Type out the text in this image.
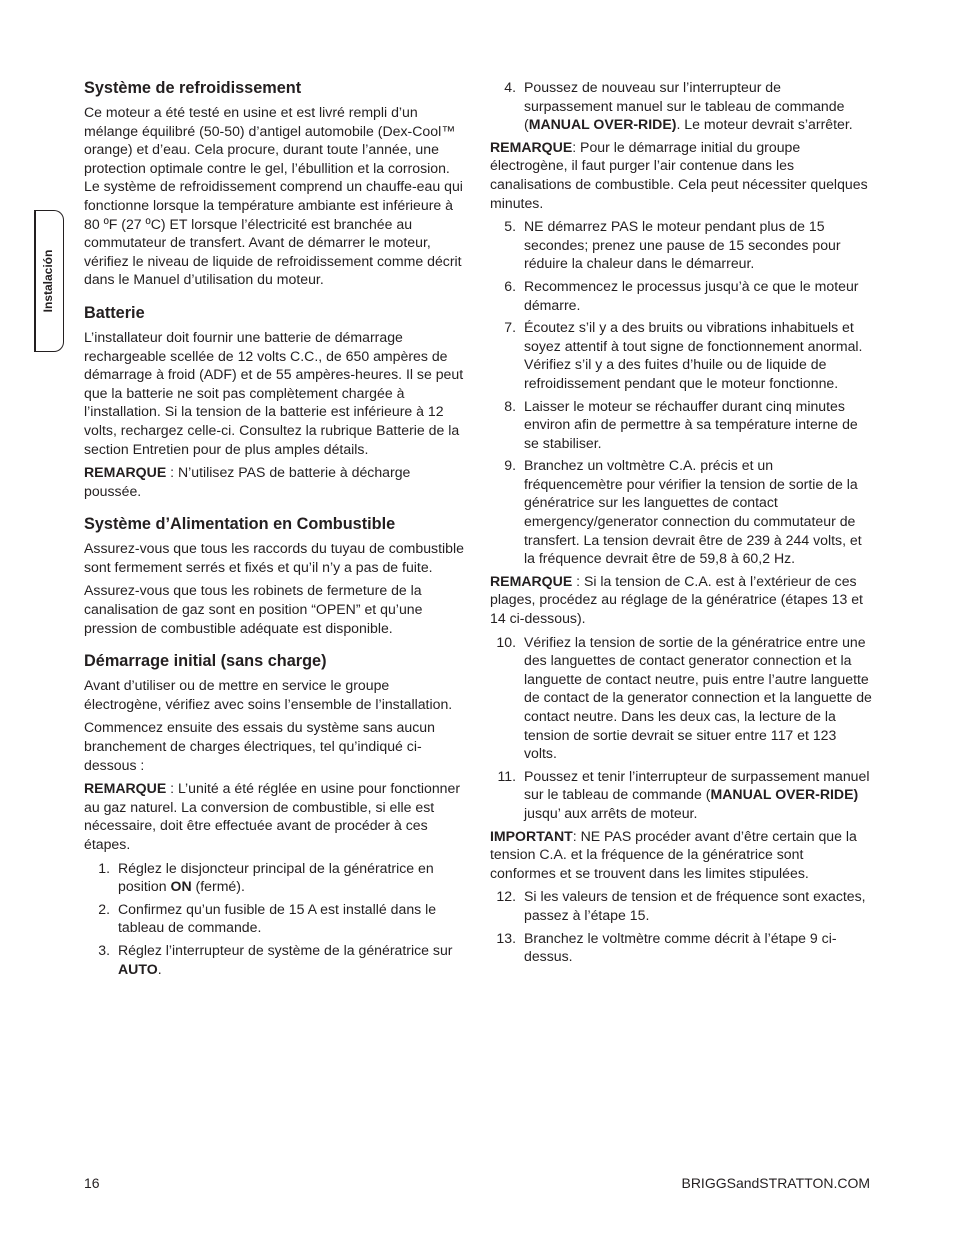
Instalación
Système de refroidissement

Ce moteur a été testé en usine et est livré rempli d’un mélange équilibré (50-50) d’antigel automobile (Dex-Cool™ orange) et d’eau. Cela procure, durant toute l’année, une protection optimale contre le gel, l’ébullition et la corrosion. Le système de refroidissement comprend un chauffe-eau qui fonctionne lorsque la température ambiante est inférieure à 80 ºF (27 ºC) ET lorsque l’électricité est branchée au commutateur de transfert. Avant de démarrer le moteur, vérifiez le niveau de liquide de refroidissement comme décrit dans le Manuel d’utilisation du moteur.

Batterie

L’installateur doit fournir une batterie de démarrage rechargeable scellée de 12 volts C.C., de 650 ampères de démarrage à froid (ADF) et de 55 ampères-heures. Il se peut que la batterie ne soit pas complètement chargée à l’installation. Si la tension de la batterie est inférieure à 12 volts, rechargez celle-ci. Consultez la rubrique Batterie de la section Entretien pour de plus amples détails.

REMARQUE : N’utilisez PAS de batterie à décharge poussée.

Système d’Alimentation en Combustible

Assurez-vous que tous les raccords du tuyau de combustible sont fermement serrés et fixés et qu’il n’y a pas de fuite.

Assurez-vous que tous les robinets de fermeture de la canalisation de gaz sont en position “OPEN” et qu’une pression de combustible adéquate est disponible.

Démarrage initial (sans charge)

Avant d’utiliser ou de mettre en service le groupe électrogène, vérifiez avec soins l’ensemble de l’installation.

Commencez ensuite des essais du système sans aucun branchement de charges électriques, tel qu’indiqué ci-dessous :

REMARQUE : L’unité a été réglée en usine pour fonctionner au gaz naturel. La conversion de combustible, si elle est nécessaire, doit être effectuée avant de procéder à ces étapes.

1. Réglez le disjoncteur principal de la génératrice en position ON (fermé).
2. Confirmez qu’un fusible de 15 A est installé dans le tableau de commande.
3. Réglez l’interrupteur de système de la génératrice sur AUTO.
4. Poussez de nouveau sur l’interrupteur de surpassement manuel sur le tableau de commande (MANUAL OVER-RIDE). Le moteur devrait s’arrêter.

REMARQUE: Pour le démarrage initial du groupe électrogène, il faut purger l’air contenue dans les canalisations de combustible. Cela peut nécessiter quelques minutes.

5. NE démarrez PAS le moteur pendant plus de 15 secondes; prenez une pause de 15 secondes pour réduire la chaleur dans le démarreur.
6. Recommencez le processus jusqu’à ce que le moteur démarre.
7. Écoutez s’il y a des bruits ou vibrations inhabituels et soyez attentif à tout signe de fonctionnement anormal. Vérifiez s’il y a des fuites d’huile ou de liquide de refroidissement pendant que le moteur fonctionne.
8. Laisser le moteur se réchauffer durant cinq minutes environ afin de permettre à sa température interne de se stabiliser.
9. Branchez un voltmètre C.A. précis et un fréquencemètre pour vérifier la tension de sortie de la génératrice sur les languettes de contact emergency/generator connection du commutateur de transfert. La tension devrait être de 239 à 244 volts, et la fréquence devrait être de 59,8 à 60,2 Hz.

REMARQUE : Si la tension de C.A. est à l’extérieur de ces plages, procédez au réglage de la génératrice (étapes 13 et 14 ci-dessous).

10. Vérifiez la tension de sortie de la génératrice entre une des languettes de contact generator connection et la languette de contact neutre, puis entre l’autre languette de contact de la generator connection et la languette de contact neutre. Dans les deux cas, la lecture de la tension de sortie devrait se situer entre 117 et 123 volts.
11. Poussez et tenir l’interrupteur de surpassement manuel sur le tableau de commande (MANUAL OVER-RIDE) jusqu’ aux arrêts de moteur.

IMPORTANT: NE PAS procéder avant d’être certain que la tension C.A. et la fréquence de la génératrice sont conformes et se trouvent dans les limites stipulées.

12. Si les valeurs de tension et de fréquence sont exactes, passez à l’étape 15.
13. Branchez le voltmètre comme décrit à l’étape 9 ci-dessus.
16	BRIGGSandSTRATTON.COM
